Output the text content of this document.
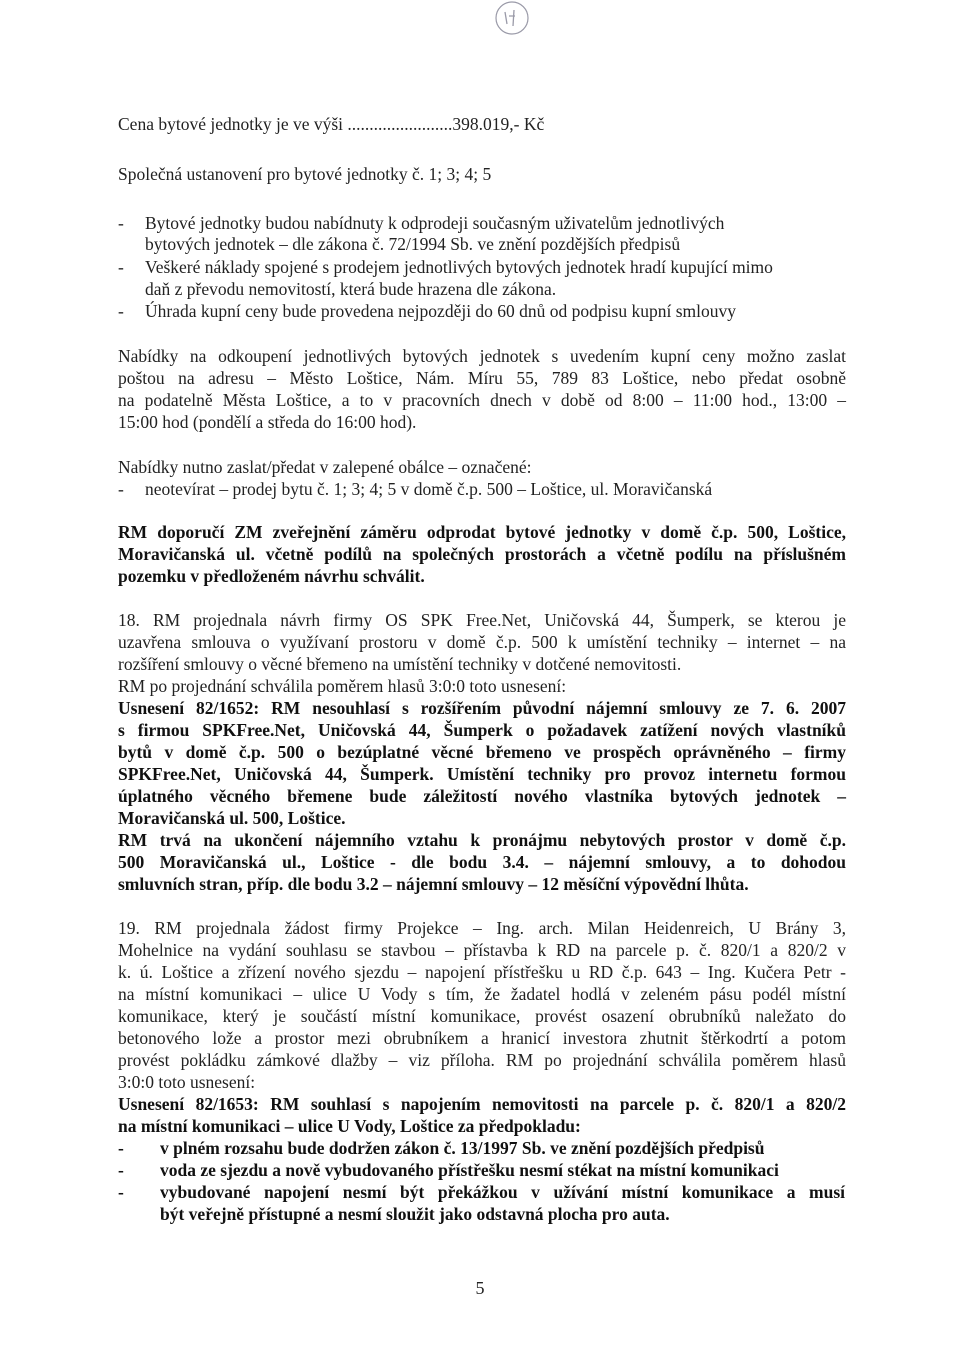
Cena bytové jednotky je ve výši ........................398.019,- Kč
Společná ustanovení pro bytové jednotky č. 1; 3; 4; 5
- Bytové jednotky budou nabídnuty k odprodeji současným uživatelům jednotlivých
bytových jednotek – dle zákona č. 72/1994 Sb. ve znění pozdějších předpisů
- Veškeré náklady spojené s prodejem jednotlivých bytových jednotek hradí kupující mimo
daň z převodu nemovitostí, která bude hrazena dle zákona.
- Úhrada kupní ceny bude provedena nejpozději do 60 dnů od podpisu kupní smlouvy
Nabídky na odkoupení jednotlivých bytových jednotek s uvedením kupní ceny možno zaslat
poštou na adresu – Město Loštice, Nám. Míru 55, 789 83 Loštice, nebo předat osobně
na podatelně Města Loštice, a to v pracovních dnech v době od 8:00 – 11:00 hod., 13:00 –
15:00 hod (pondělí a středa do 16:00 hod).
Nabídky nutno zaslat/předat v zalepené obálce – označené:
- neotevírat – prodej bytu č. 1; 3; 4; 5 v domě č.p. 500 – Loštice, ul. Moravičanská
RM doporučí ZM zveřejnění záměru odprodat bytové jednotky v domě č.p. 500, Loštice,
Moravičanská ul. včetně podílů na společných prostorách a včetně podílu na příslušném
pozemku v předloženém návrhu schválit.
18. RM projednala návrh firmy OS SPK Free.Net, Uničovská 44, Šumperk, se kterou je
uzavřena smlouva o využívaní prostoru v domě č.p. 500 k umístění techniky – internet – na
rozšíření smlouvy o věcné břemeno na umístění techniky v dotčené nemovitosti.
RM po projednání schválila poměrem hlasů 3:0:0 toto usnesení:
Usnesení 82/1652: RM nesouhlasí s rozšířením původní nájemní smlouvy ze 7. 6. 2007
s firmou SPKFree.Net, Uničovská 44, Šumperk o požadavek zatížení nových vlastníků
bytů v domě č.p. 500 o bezúplatné věcné břemeno ve prospěch oprávněného – firmy
SPKFree.Net, Uničovská 44, Šumperk. Umístění techniky pro provoz internetu formou
úplatného věcného břemene bude záležitostí nového vlastníka bytových jednotek –
Moravičanská ul. 500, Loštice.
RM trvá na ukončení nájemního vztahu k pronájmu nebytových prostor v domě č.p.
500 Moravičanská ul., Loštice - dle bodu 3.4. – nájemní smlouvy, a to dohodou
smluvních stran, příp. dle bodu 3.2 – nájemní smlouvy – 12 měsíční výpovědní lhůta.
19. RM projednala žádost firmy Projekce – Ing. arch. Milan Heidenreich, U Brány 3,
Mohelnice na vydání souhlasu se stavbou – přístavba k RD na parcele p. č. 820/1 a 820/2 v
k. ú. Loštice a zřízení nového sjezdu – napojení přístřešku u RD č.p. 643 – Ing. Kučera Petr -
na místní komunikaci – ulice U Vody s tím, že žadatel hodlá v zeleném pásu podél místní
komunikace, který je součástí místní komunikace, provést osazení obrubníků naležato do
betonového lože a prostor mezi obrubníkem a hranicí investora zhutnit štěrkodrtí a potom
provést pokládku zámkové dlažby – viz příloha. RM po projednání schválila poměrem hlasů
3:0:0 toto usnesení:
Usnesení 82/1653: RM souhlasí s napojením nemovitosti na parcele p. č. 820/1 a 820/2
na místní komunikaci – ulice U Vody, Loštice za předpokladu:
- v plném rozsahu bude dodržen zákon č. 13/1997 Sb. ve znění pozdějších předpisů
- voda ze sjezdu a nově vybudovaného přístřešku nesmí stékat na místní komunikaci
- vybudované napojení nesmí být překážkou v užívání místní komunikace a musí
být veřejně přístupné a nesmí sloužit jako odstavná plocha pro auta.
5
